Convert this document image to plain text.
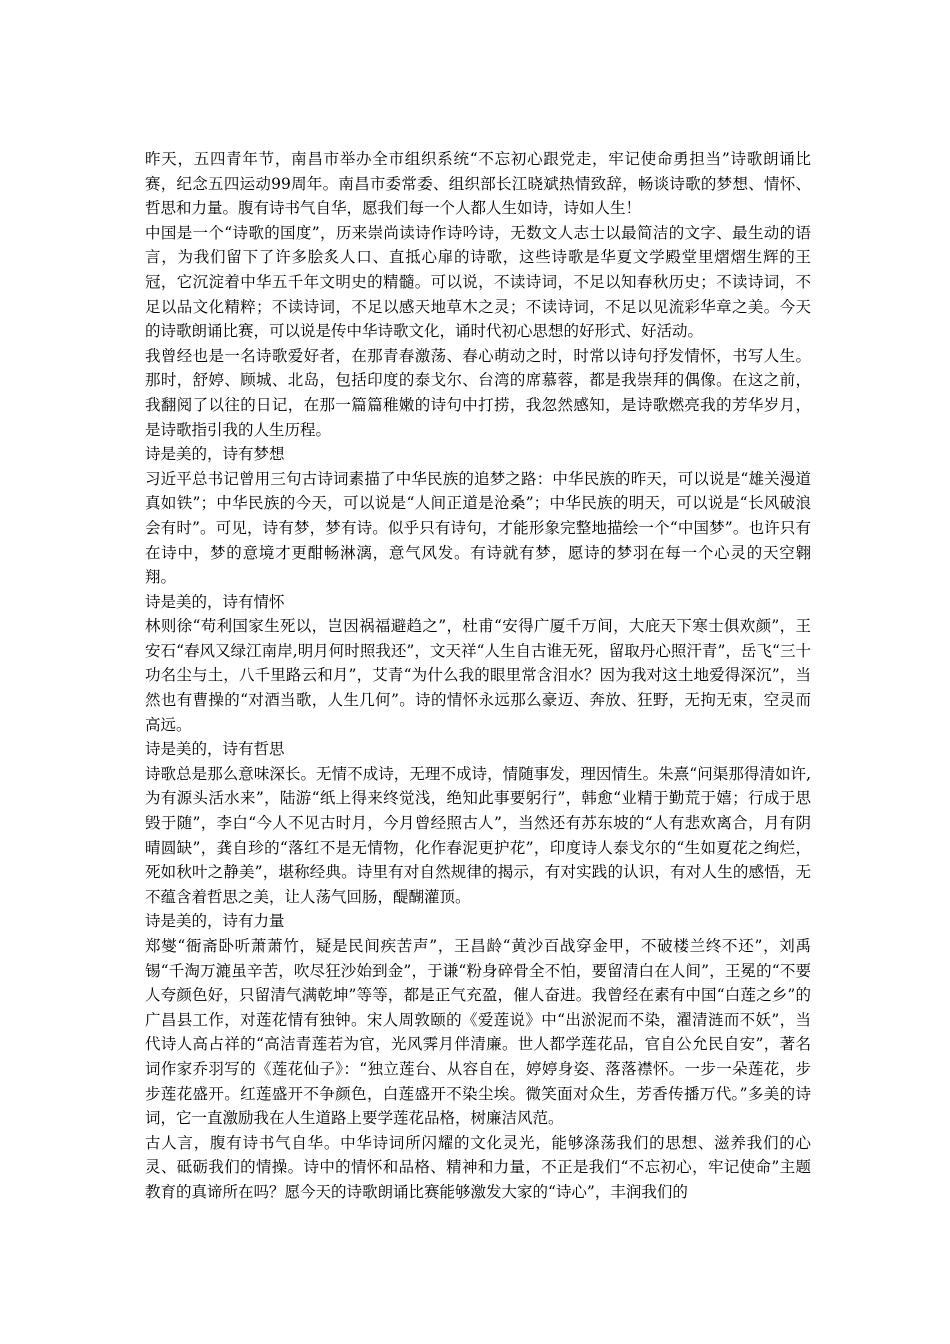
昨天，五四青年节，南昌市举办全市组织系统“不忘初心跟党走，牢记使命勇担当”诗歌朗诵比赛，纪念五四运动99周年。南昌市委常委、组织部长江晓斌热情致辞，畅谈诗歌的梦想、情怀、哲思和力量。腹有诗书气自华，愿我们每一个人都人生如诗，诗如人生！

中国是一个“诗歌的国度”，历来崇尚读诗作诗吟诗，无数文人志士以最简洁的文字、最生动的语言，为我们留下了许多脍炙人口、直抵心扉的诗歌，这些诗歌是华夏文学殿堂里熠熠生辉的王冠，它沉淀着中华五千年文明史的精髓。可以说，不读诗词，不足以知春秋历史；不读诗词，不足以品文化精粹；不读诗词，不足以感天地草木之灵；不读诗词，不足以见流彩华章之美。今天的诗歌朗诵比赛，可以说是传中华诗歌文化，诵时代初心思想的好形式、好活动。

我曾经也是一名诗歌爱好者，在那青春激荡、春心萌动之时，时常以诗句抒发情怀，书写人生。那时，舒婷、顾城、北岛，包括印度的泰戈尔、台湾的席慕蓉，都是我崇拜的偶像。在这之前，我翻阅了以往的日记，在那一篇篇稚嫩的诗句中打捞，我忽然感知，是诗歌燃亮我的芳华岁月，是诗歌指引我的人生历程。

诗是美的，诗有梦想

习近平总书记曾用三句古诗词素描了中华民族的追梦之路：中华民族的昨天，可以说是“雄关漫道真如铁”；中华民族的今天，可以说是“人间正道是沧桑”；中华民族的明天，可以说是“长风破浪会有时”。可见，诗有梦，梦有诗。似乎只有诗句，才能形象完整地描绘一个“中国梦”。也许只有在诗中，梦的意境才更酣畅淋漓，意气风发。有诗就有梦，愿诗的梦羽在每一个心灵的天空翱翔。

诗是美的，诗有情怀

林则徐“苟利国家生死以，岂因祸福避趋之”，杜甫“安得广厦千万间，大庇天下寒士俱欢颜”，王安石“春风又绿江南岸,明月何时照我还”，文天祥“人生自古谁无死，留取丹心照汗青”，岳飞“三十功名尘与土，八千里路云和月”，艾青“为什么我的眼里常含泪水？因为我对这土地爱得深沉”，当然也有曹操的“对酒当歌，人生几何”。诗的情怀永远那么豪迈、奔放、狂野，无拘无束，空灵而高远。

诗是美的，诗有哲思

诗歌总是那么意味深长。无情不成诗，无理不成诗，情随事发，理因情生。朱熹“问渠那得清如许,为有源头活水来”，陆游“纸上得来终觉浅，绝知此事要躬行”，韩愈“业精于勤荒于嬉；行成于思毁于随”，李白“今人不见古时月，今月曾经照古人”，当然还有苏东坡的“人有悲欢离合，月有阴晴圆缺”，龚自珍的“落红不是无情物，化作春泥更护花”，印度诗人泰戈尔的“生如夏花之绚烂，死如秋叶之静美”，堪称经典。诗里有对自然规律的揭示，有对实践的认识，有对人生的感悟，无不蕴含着哲思之美，让人荡气回肠，醍醐灌顶。

诗是美的，诗有力量

郑燮“衙斋卧听萧萧竹，疑是民间疾苦声”，王昌龄“黄沙百战穿金甲，不破楼兰终不还”，刘禹锡“千淘万漉虽辛苦，吹尽狂沙始到金”，于谦“粉身碎骨全不怕，要留清白在人间”，王冕的“不要人夸颜色好，只留清气满乾坤”等等，都是正气充盈，催人奋进。我曾经在素有中国“白莲之乡”的广昌县工作，对莲花情有独钟。宋人周敦颐的《爱莲说》中“出淤泥而不染，濯清涟而不妖”，当代诗人高占祥的“高洁青莲若为官，光风霁月伴清廉。世人都学莲花品，官自公允民自安”，著名词作家乔羽写的《莲花仙子》：“独立莲台、从容自在，婷婷身姿、落落襟怀。一步一朵莲花，步步莲花盛开。红莲盛开不争颜色，白莲盛开不染尘埃。微笑面对众生，芳香传播万代。”多美的诗词，它一直激励我在人生道路上要学莲花品格，树廉洁风范。

古人言，腹有诗书气自华。中华诗词所闪耀的文化灵光，能够涤荡我们的思想、滋养我们的心灵、砥砺我们的情操。诗中的情怀和品格、精神和力量，不正是我们“不忘初心，牢记使命”主题教育的真谛所在吗？愿今天的诗歌朗诵比赛能够激发大家的“诗心”，丰润我们的
